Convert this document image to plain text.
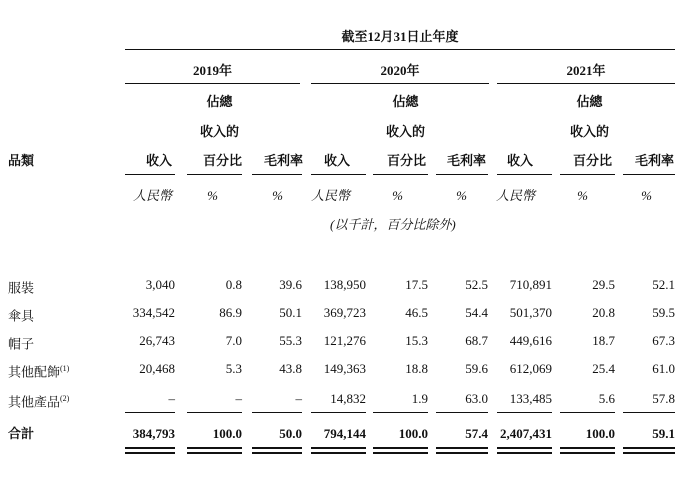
截至12月31日止年度
2019年	2020年	2021年
佔總
收入的
佔總
收入的
佔總
收入的
品類	收入	百分比	毛利率	收入	百分比	毛利率	收入	百分比	毛利率
人民幣	%	%	人民幣	%	%	人民幣	%	%
(以千計，百分比除外)
服裝	3,040	0.8	39.6	138,950	17.5	52.5	710,891	29.5	52.1
傘具	334,542	86.9	50.1	369,723	46.5	54.4	501,370	20.8	59.5
帽子	26,743	7.0	55.3	121,276	15.3	68.7	449,616	18.7	67.3
其他配飾$^{(1)}$	20,468	5.3	43.8	149,363	18.8	59.6	612,069	25.4	61.0
其他產品$^{(2)}$	–	–	–	14,832	1.9	63.0	133,485	5.6	57.8
合計	384,793	100.0	50.0	794,144	100.0	57.4 2,407,431	100.0	59.1
